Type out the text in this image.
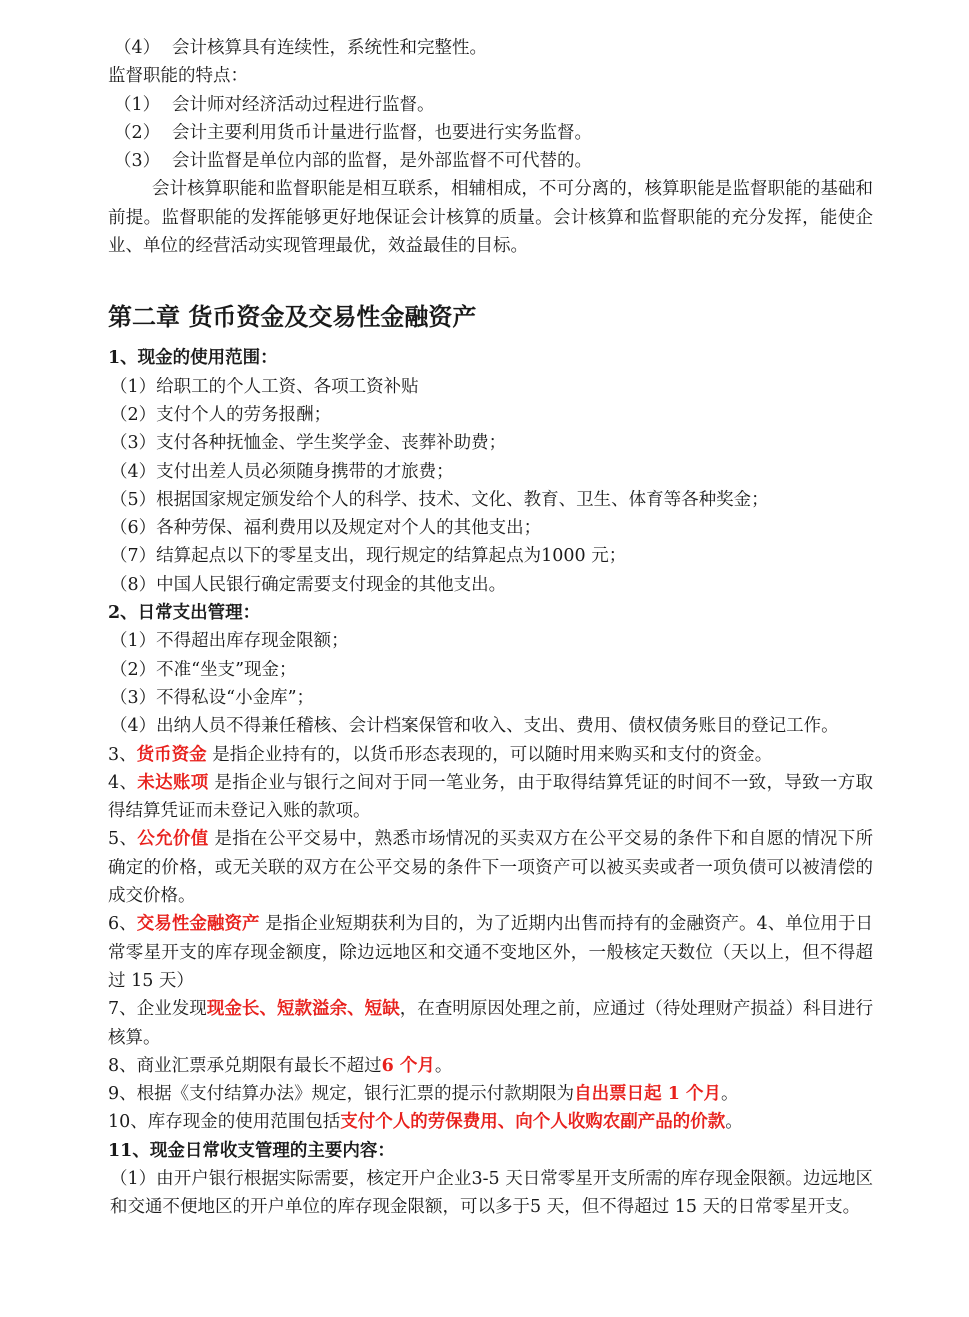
（4） 会计核算具有连续性，系统性和完整性。
监督职能的特点：
（1） 会计师对经济活动过程进行监督。
（2） 会计主要利用货币计量进行监督，也要进行实务监督。
（3） 会计监督是单位内部的监督，是外部监督不可代替的。
会计核算职能和监督职能是相互联系，相辅相成，不可分离的，核算职能是监督职能的基础和前提。监督职能的发挥能够更好地保证会计核算的质量。会计核算和监督职能的充分发挥，能使企业、单位的经营活动实现管理最优，效益最佳的目标。
第二章 货币资金及交易性金融资产
1、现金的使用范围：
（1）给职工的个人工资、各项工资补贴
（2）支付个人的劳务报酬；
（3）支付各种抚恤金、学生奖学金、丧葬补助费；
（4）支付出差人员必须随身携带的才旅费；
（5）根据国家规定颁发给个人的科学、技术、文化、教育、卫生、体育等各种奖金；
（6）各种劳保、福利费用以及规定对个人的其他支出；
（7）结算起点以下的零星支出，现行规定的结算起点为1000 元；
（8）中国人民银行确定需要支付现金的其他支出。
2、日常支出管理：
（1）不得超出库存现金限额；
（2）不准“坐支”现金；
（3）不得私设“小金库”；
（4）出纳人员不得兼任稽核、会计档案保管和收入、支出、费用、债权债务账目的登记工作。
3、货币资金 是指企业持有的，以货币形态表现的，可以随时用来购买和支付的资金。
4、未达账项 是指企业与银行之间对于同一笔业务，由于取得结算凭证的时间不一致，导致一方取得结算凭证而未登记入账的款项。
5、公允价值 是指在公平交易中，熟悉市场情况的买卖双方在公平交易的条件下和自愿的情况下所确定的价格，或无关联的双方在公平交易的条件下一项资产可以被买卖或者一项负债可以被清偿的成交价格。
6、交易性金融资产 是指企业短期获利为目的，为了近期内出售而持有的金融资产。4、单位用于日常零星开支的库存现金额度，除边远地区和交通不变地区外，一般核定天数位（天以上，但不得超过 15 天）
7、企业发现现金长、短款溢余、短缺，在查明原因处理之前，应通过（待处理财产损益）科目进行核算。
8、商业汇票承兑期限有最长不超过6 个月。
9、根据《支付结算办法》规定，银行汇票的提示付款期限为自出票日起 1 个月。
10、库存现金的使用范围包括支付个人的劳保费用、向个人收购农副产品的价款。
11、现金日常收支管理的主要内容：
（1）由开户银行根据实际需要，核定开户企业3-5 天日常零星开支所需的库存现金限额。边远地区和交通不便地区的开户单位的库存现金限额，可以多于5 天，但不得超过 15 天的日常零星开支。
